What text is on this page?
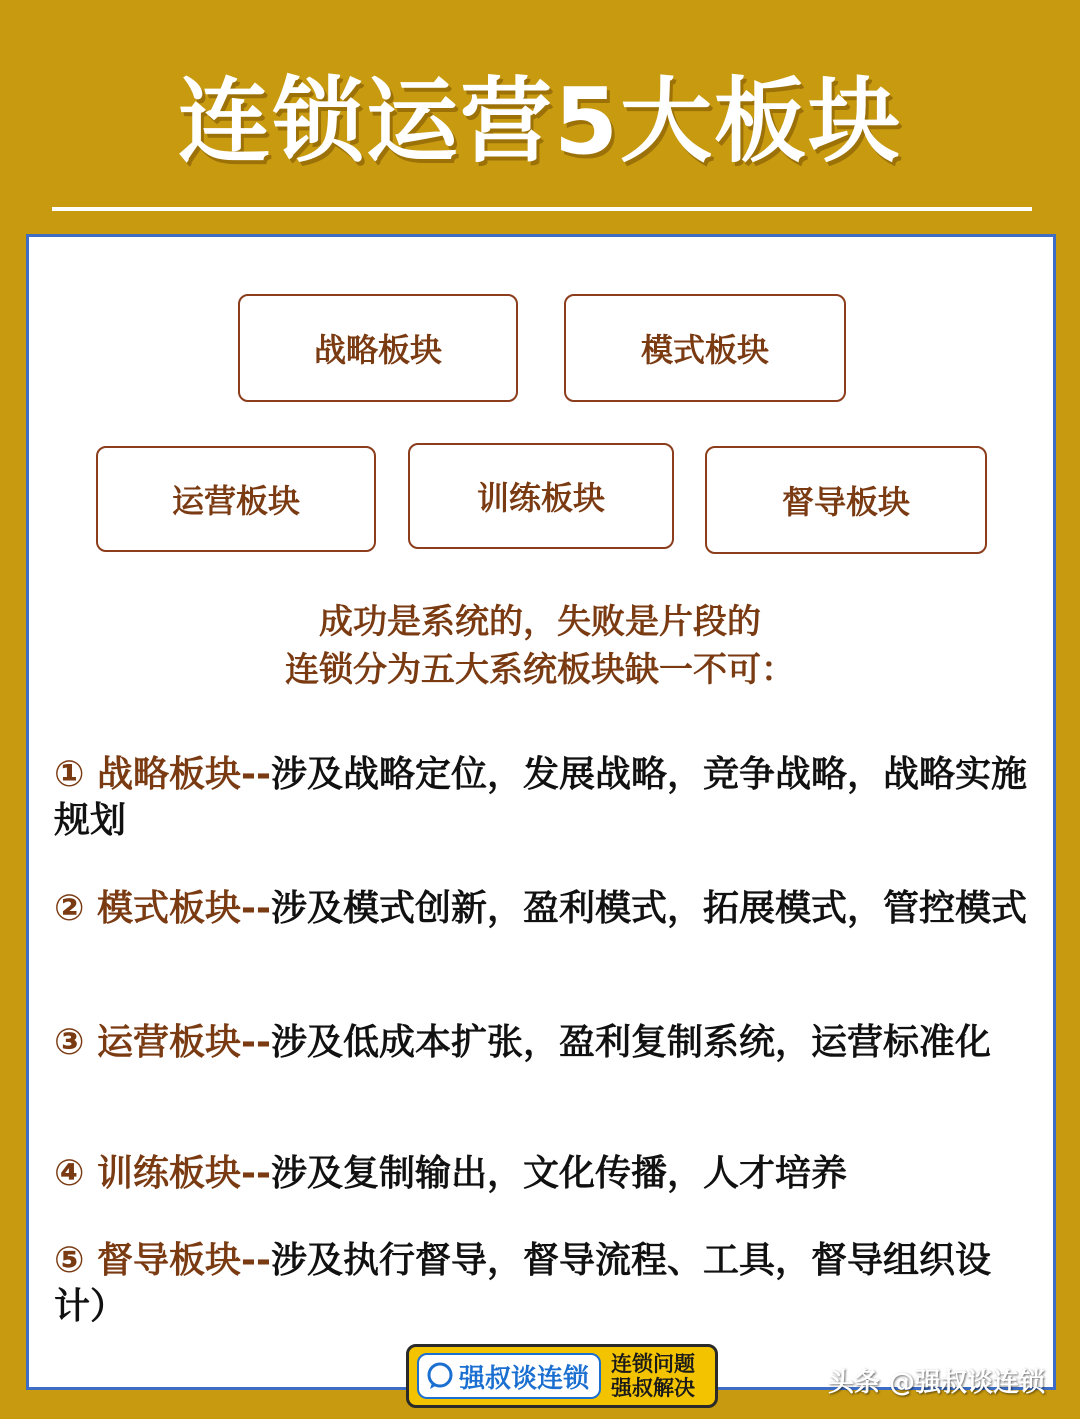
连锁运营5大板块
战略板块	模式板块
运营板块	训练板块	督导板块
成功是系统的，失败是片段的
连锁分为五大系统板块缺一不可：
① 战略板块--涉及战略定位，发展战略，竞争战略，战略实施规划
② 模式板块--涉及模式创新，盈利模式，拓展模式，管控模式
③ 运营板块--涉及低成本扩张，盈利复制系统，运营标准化
④ 训练板块--涉及复制输出，文化传播，人才培养
⑤ 督导板块--涉及执行督导，督导流程、工具，督导组织设计）
强叔谈连锁 连锁问题
强叔解决	头条 @强叔谈连锁
